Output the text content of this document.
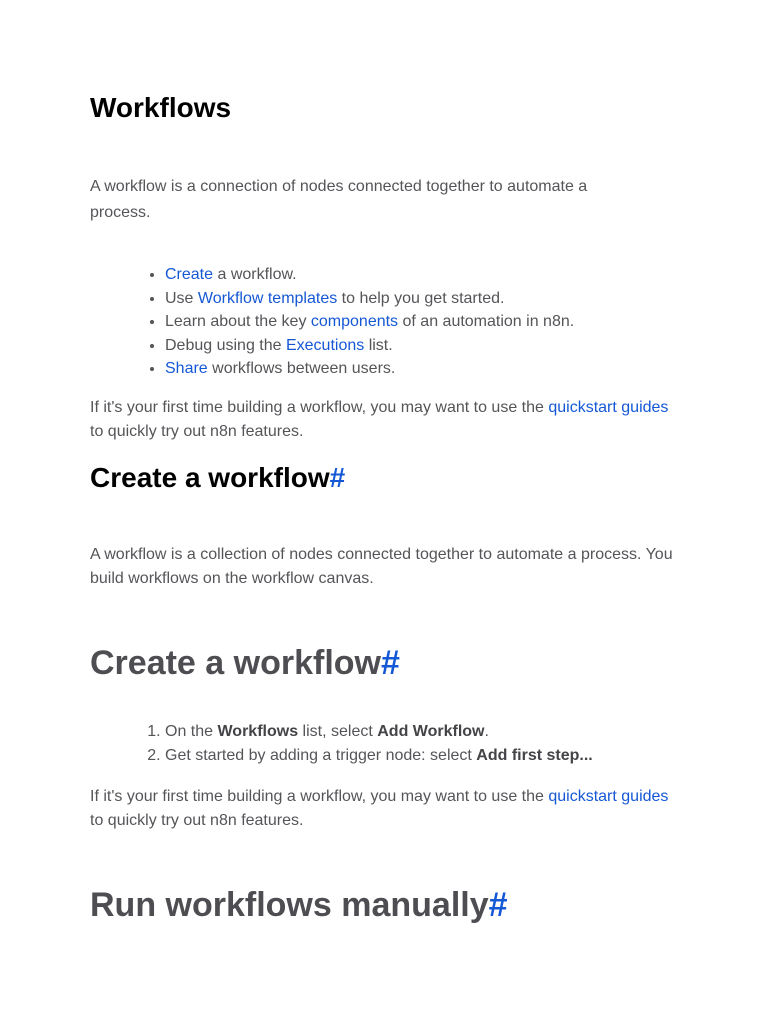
Workflows

A workflow is a connection of nodes connected together to automate a process.

• Create a workflow.
• Use Workflow templates to help you get started.
• Learn about the key components of an automation in n8n.
• Debug using the Executions list.
• Share workflows between users.

If it's your first time building a workflow, you may want to use the quickstart guides to quickly try out n8n features.

Create a workflow#

A workflow is a collection of nodes connected together to automate a process. You build workflows on the workflow canvas.

Create a workflow#
1. On the Workflows list, select Add Workflow.
2. Get started by adding a trigger node: select Add first step...

If it's your first time building a workflow, you may want to use the quickstart guides to quickly try out n8n features.

Run workflows manually#
